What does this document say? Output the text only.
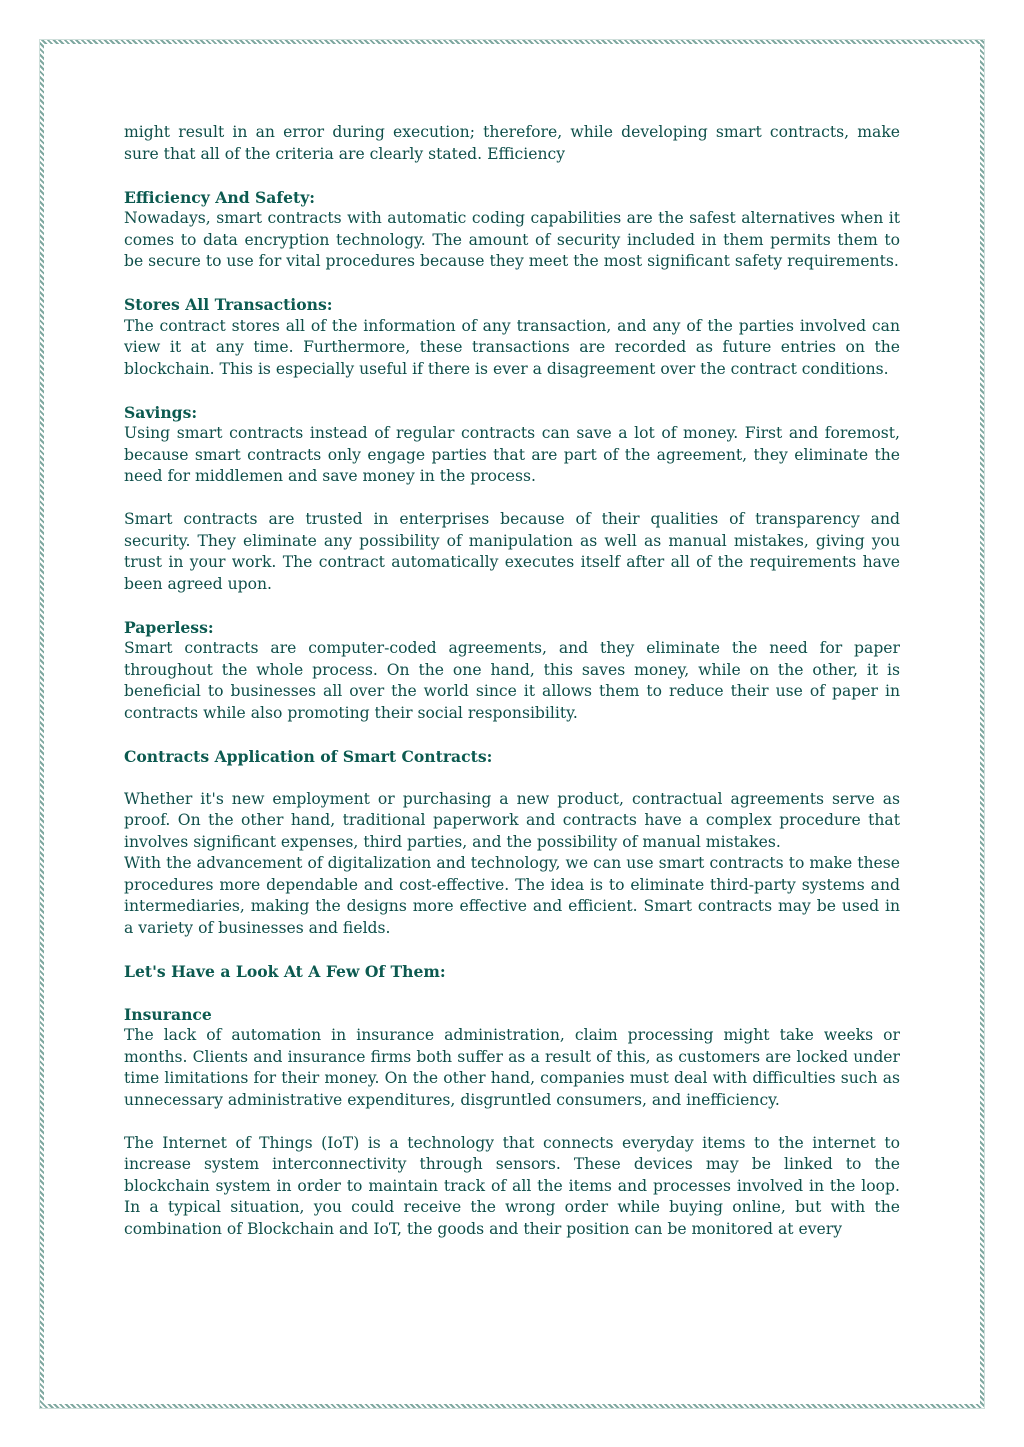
might result in an error during execution; therefore, while developing smart contracts, make sure that all of the criteria are clearly stated. Efficiency

Efficiency And Safety:

Nowadays, smart contracts with automatic coding capabilities are the safest alternatives when it comes to data encryption technology. The amount of security included in them permits them to be secure to use for vital procedures because they meet the most significant safety requirements.

Stores All Transactions:

The contract stores all of the information of any transaction, and any of the parties involved can view it at any time. Furthermore, these transactions are recorded as future entries on the blockchain. This is especially useful if there is ever a disagreement over the contract conditions.

Savings:

Using smart contracts instead of regular contracts can save a lot of money. First and foremost, because smart contracts only engage parties that are part of the agreement, they eliminate the need for middlemen and save money in the process.

Smart contracts are trusted in enterprises because of their qualities of transparency and security. They eliminate any possibility of manipulation as well as manual mistakes, giving you trust in your work. The contract automatically executes itself after all of the requirements have been agreed upon.

Paperless:

Smart contracts are computer-coded agreements, and they eliminate the need for paper throughout the whole process. On the one hand, this saves money, while on the other, it is beneficial to businesses all over the world since it allows them to reduce their use of paper in contracts while also promoting their social responsibility.

Contracts Application of Smart Contracts:

Whether it's new employment or purchasing a new product, contractual agreements serve as proof. On the other hand, traditional paperwork and contracts have a complex procedure that involves significant expenses, third parties, and the possibility of manual mistakes.

With the advancement of digitalization and technology, we can use smart contracts to make these procedures more dependable and cost-effective. The idea is to eliminate third-party systems and intermediaries, making the designs more effective and efficient. Smart contracts may be used in a variety of businesses and fields.

Let's Have a Look At A Few Of Them:

Insurance

The lack of automation in insurance administration, claim processing might take weeks or months. Clients and insurance firms both suffer as a result of this, as customers are locked under time limitations for their money. On the other hand, companies must deal with difficulties such as unnecessary administrative expenditures, disgruntled consumers, and inefficiency.

The Internet of Things (IoT) is a technology that connects everyday items to the internet to increase system interconnectivity through sensors. These devices may be linked to the blockchain system in order to maintain track of all the items and processes involved in the loop. In a typical situation, you could receive the wrong order while buying online, but with the combination of Blockchain and IoT, the goods and their position can be monitored at every
